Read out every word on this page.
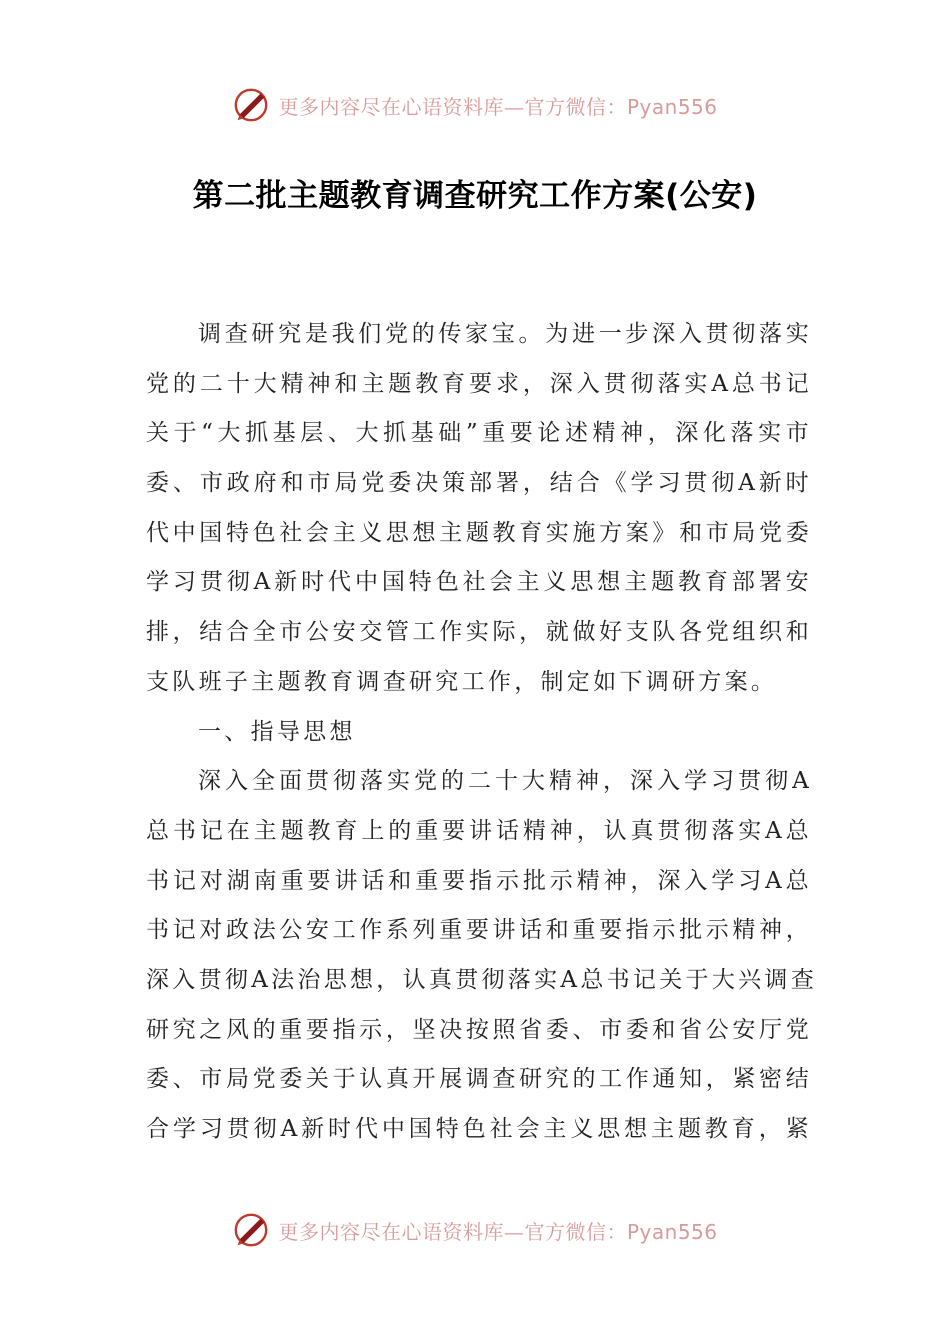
更多内容尽在心语资料库—官方微信：Pyan556
第二批主题教育调查研究工作方案(公安)
调查研究是我们党的传家宝。为进一步深入贯彻落实
党的二十大精神和主题教育要求，深入贯彻落实A总书记
关于“大抓基层、大抓基础”重要论述精神，深化落实市
委、市政府和市局党委决策部署，结合《学习贯彻A新时
代中国特色社会主义思想主题教育实施方案》和市局党委
学习贯彻A新时代中国特色社会主义思想主题教育部署安
排，结合全市公安交管工作实际，就做好支队各党组织和
支队班子主题教育调查研究工作，制定如下调研方案。
一、指导思想
深入全面贯彻落实党的二十大精神，深入学习贯彻A
总书记在主题教育上的重要讲话精神，认真贯彻落实A总
书记对湖南重要讲话和重要指示批示精神，深入学习A总
书记对政法公安工作系列重要讲话和重要指示批示精神，
深入贯彻A法治思想，认真贯彻落实A总书记关于大兴调查
研究之风的重要指示，坚决按照省委、市委和省公安厅党
委、市局党委关于认真开展调查研究的工作通知，紧密结
合学习贯彻A新时代中国特色社会主义思想主题教育，紧
更多内容尽在心语资料库—官方微信：Pyan556
